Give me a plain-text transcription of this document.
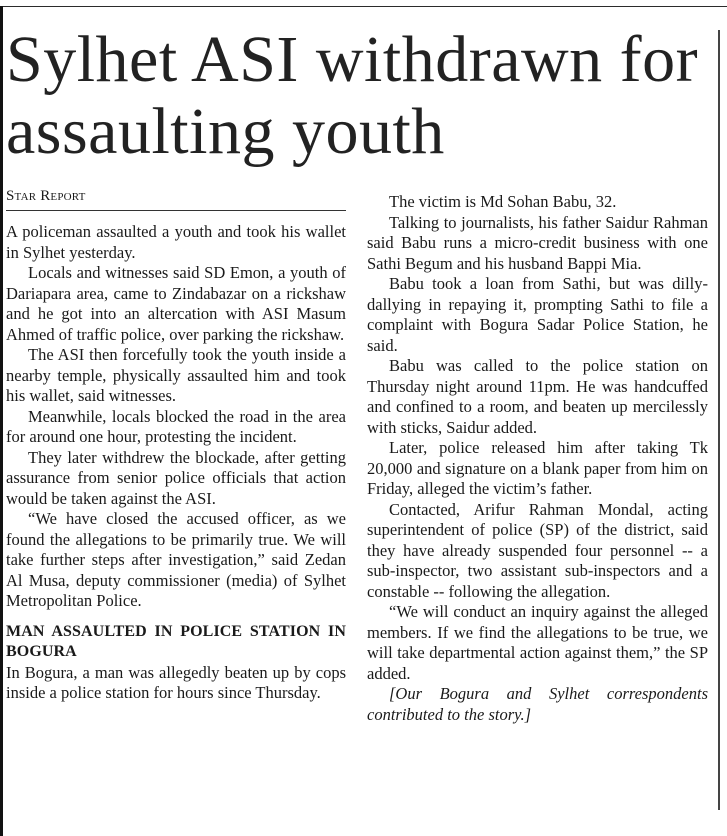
Sylhet ASI withdrawn for assaulting youth
Star Report

A policeman assaulted a youth and took his wallet in Sylhet yesterday.

Locals and witnesses said SD Emon, a youth of Dariapara area, came to Zindabazar on a rickshaw and he got into an altercation with ASI Masum Ahmed of traffic police, over parking the rickshaw.

The ASI then forcefully took the youth inside a nearby temple, physically assaulted him and took his wallet, said witnesses.

Meanwhile, locals blocked the road in the area for around one hour, protesting the incident.

They later withdrew the blockade, after getting assurance from senior police officials that action would be taken against the ASI.

“We have closed the accused officer, as we found the allegations to be primarily true. We will take further steps after investigation,” said Zedan Al Musa, deputy commissioner (media) of Sylhet Metropolitan Police.

MAN ASSAULTED IN POLICE STATION IN BOGURA

In Bogura, a man was allegedly beaten up by cops inside a police station for hours since Thursday.

The victim is Md Sohan Babu, 32.

Talking to journalists, his father Saidur Rahman said Babu runs a micro-credit business with one Sathi Begum and his husband Bappi Mia.

Babu took a loan from Sathi, but was dilly-dallying in repaying it, prompting Sathi to file a complaint with Bogura Sadar Police Station, he said.

Babu was called to the police station on Thursday night around 11pm. He was handcuffed and confined to a room, and beaten up mercilessly with sticks, Saidur added.

Later, police released him after taking Tk 20,000 and signature on a blank paper from him on Friday, alleged the victim’s father.

Contacted, Arifur Rahman Mondal, acting superintendent of police (SP) of the district, said they have already suspended four personnel -- a sub-inspector, two assistant sub-inspectors and a constable -- following the allegation.

“We will conduct an inquiry against the alleged members. If we find the allegations to be true, we will take departmental action against them,” the SP added.

[Our Bogura and Sylhet correspondents contributed to the story.]
